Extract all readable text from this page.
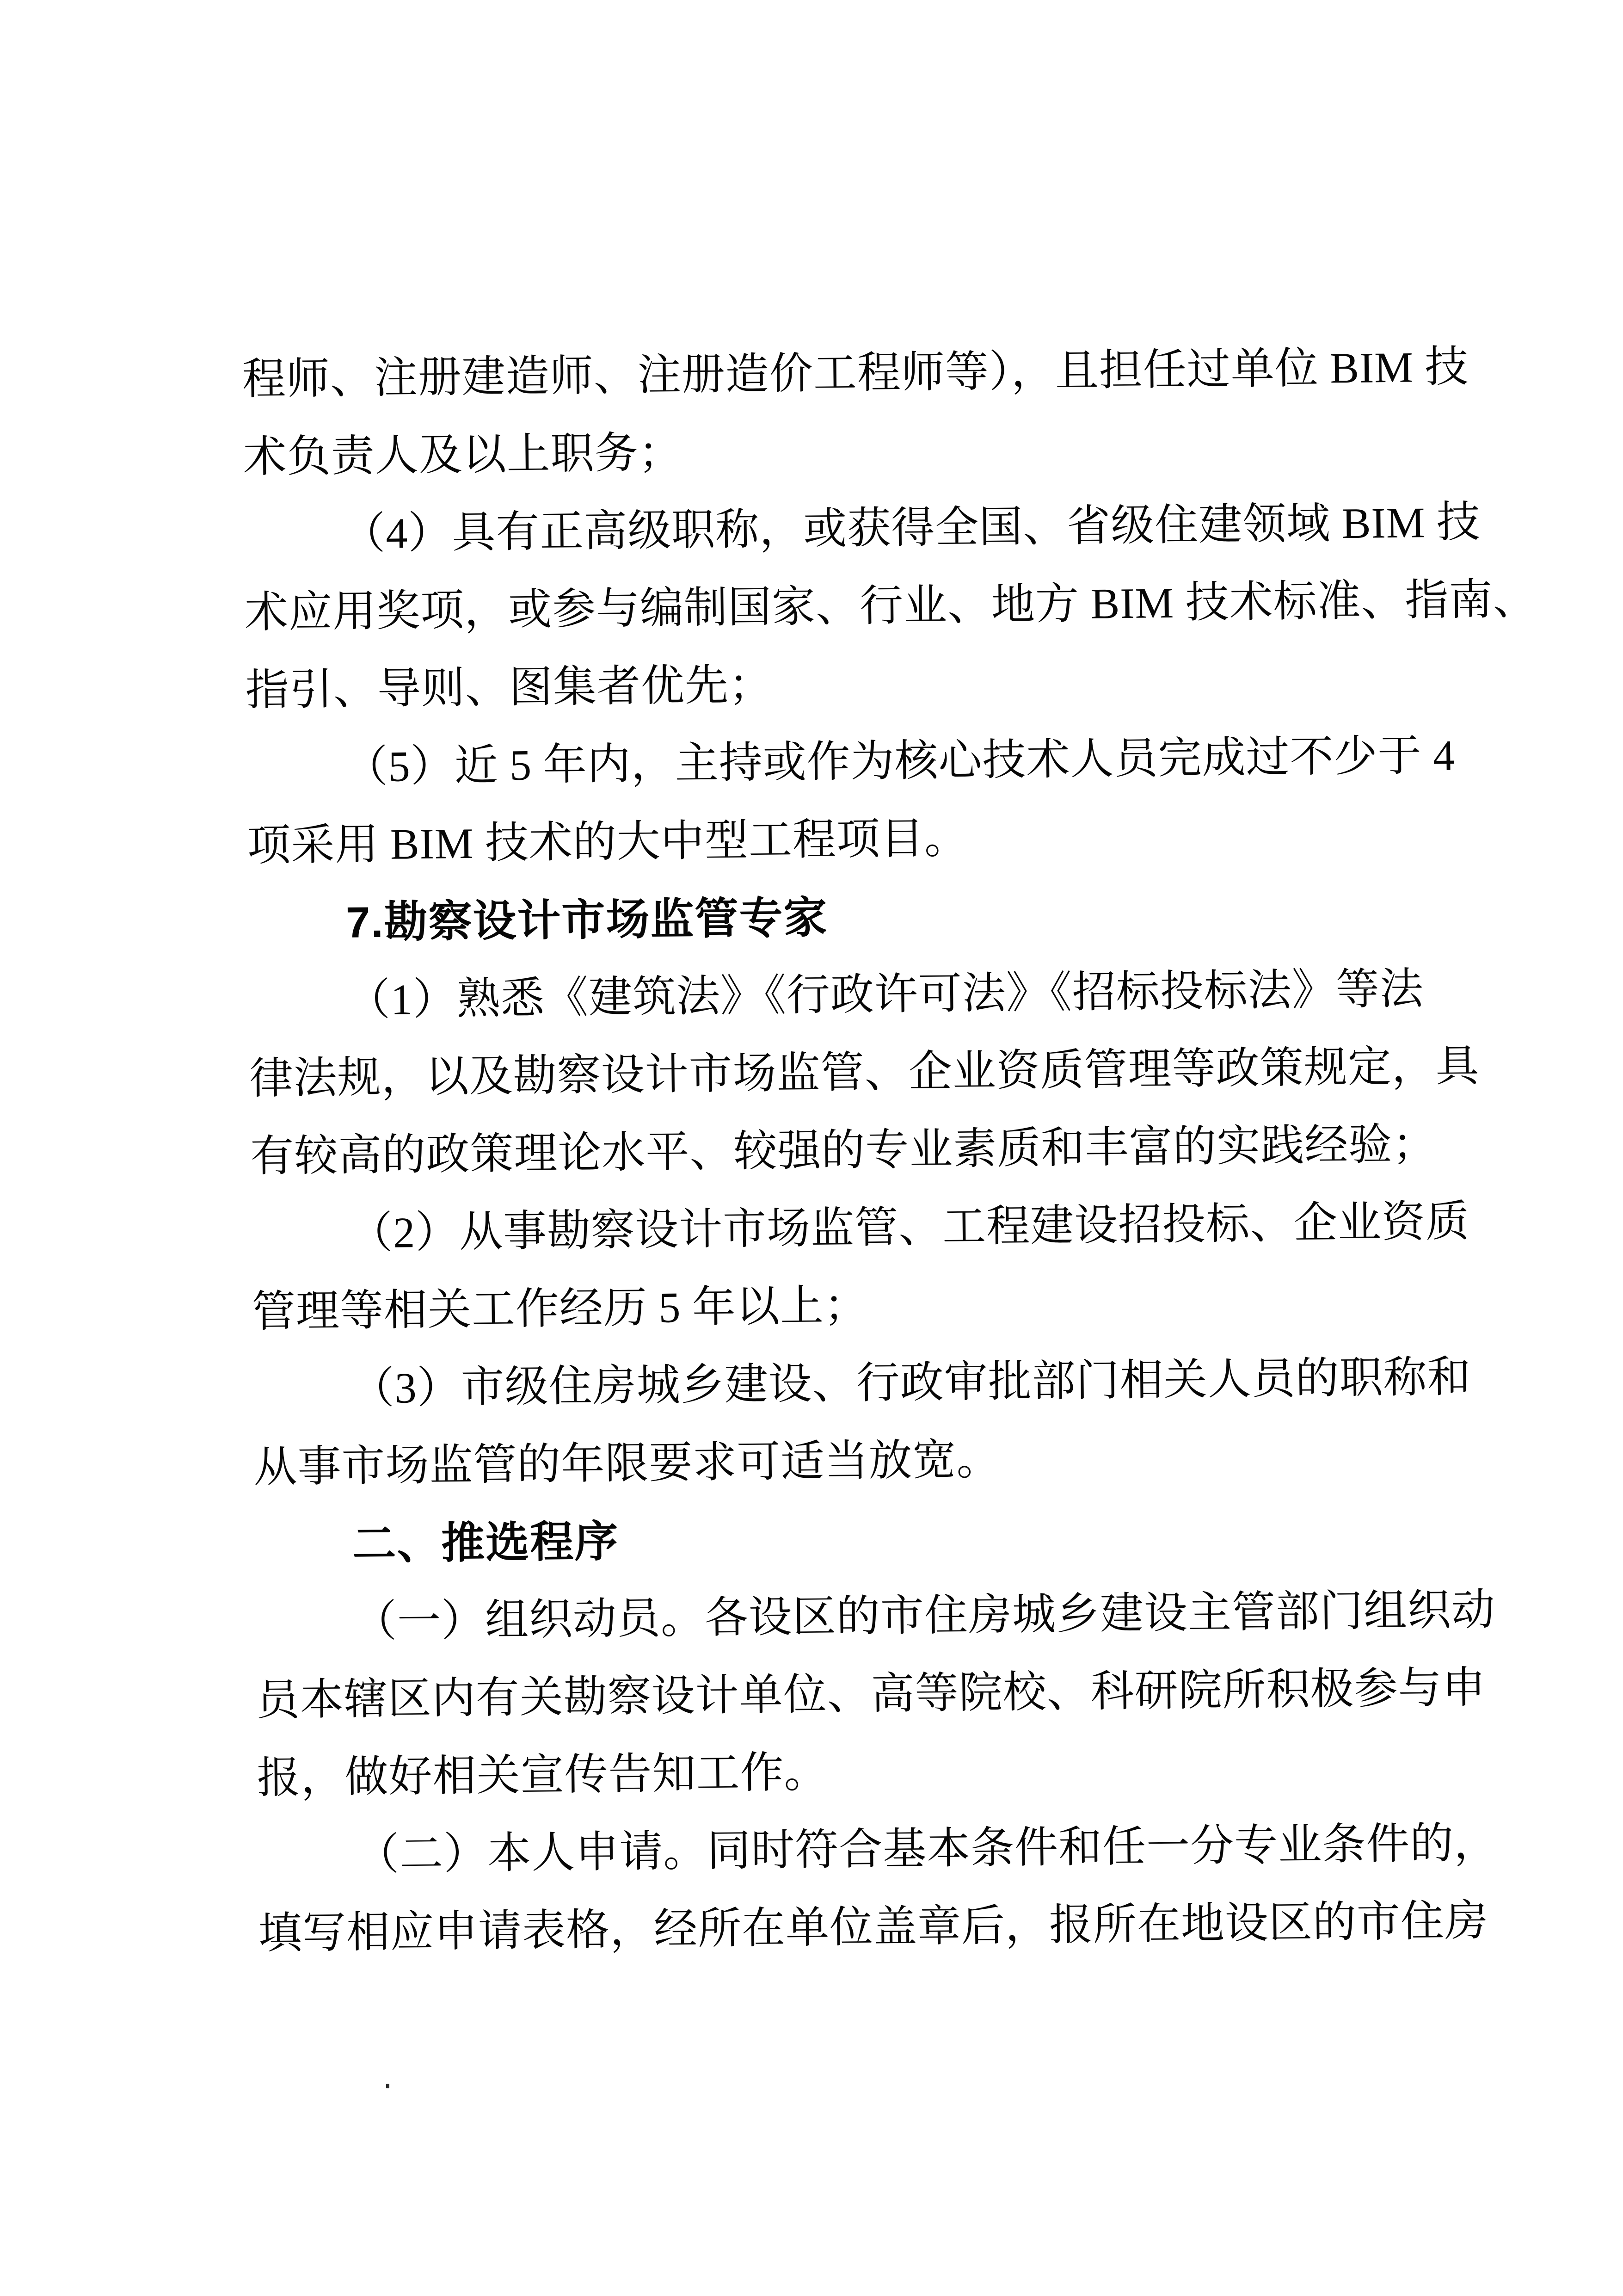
程师、注册建造师、注册造价工程师等），且担任过单位 BIM 技
术负责人及以上职务；
（4）具有正高级职称，或获得全国、省级住建领域 BIM 技
术应用奖项，或参与编制国家、行业、地方 BIM 技术标准、指南、
指引、导则、图集者优先；
（5）近 5 年内，主持或作为核心技术人员完成过不少于 4
项采用 BIM 技术的大中型工程项目。
7.勘察设计市场监管专家
（1）熟悉《建筑法》《行政许可法》《招标投标法》等法
律法规，以及勘察设计市场监管、企业资质管理等政策规定，具
有较高的政策理论水平、较强的专业素质和丰富的实践经验；
（2）从事勘察设计市场监管、工程建设招投标、企业资质
管理等相关工作经历 5 年以上；
（3）市级住房城乡建设、行政审批部门相关人员的职称和
从事市场监管的年限要求可适当放宽。
二、推选程序
（一）组织动员。各设区的市住房城乡建设主管部门组织动
员本辖区内有关勘察设计单位、高等院校、科研院所积极参与申
报，做好相关宣传告知工作。
（二）本人申请。同时符合基本条件和任一分专业条件的，
填写相应申请表格，经所在单位盖章后，报所在地设区的市住房
